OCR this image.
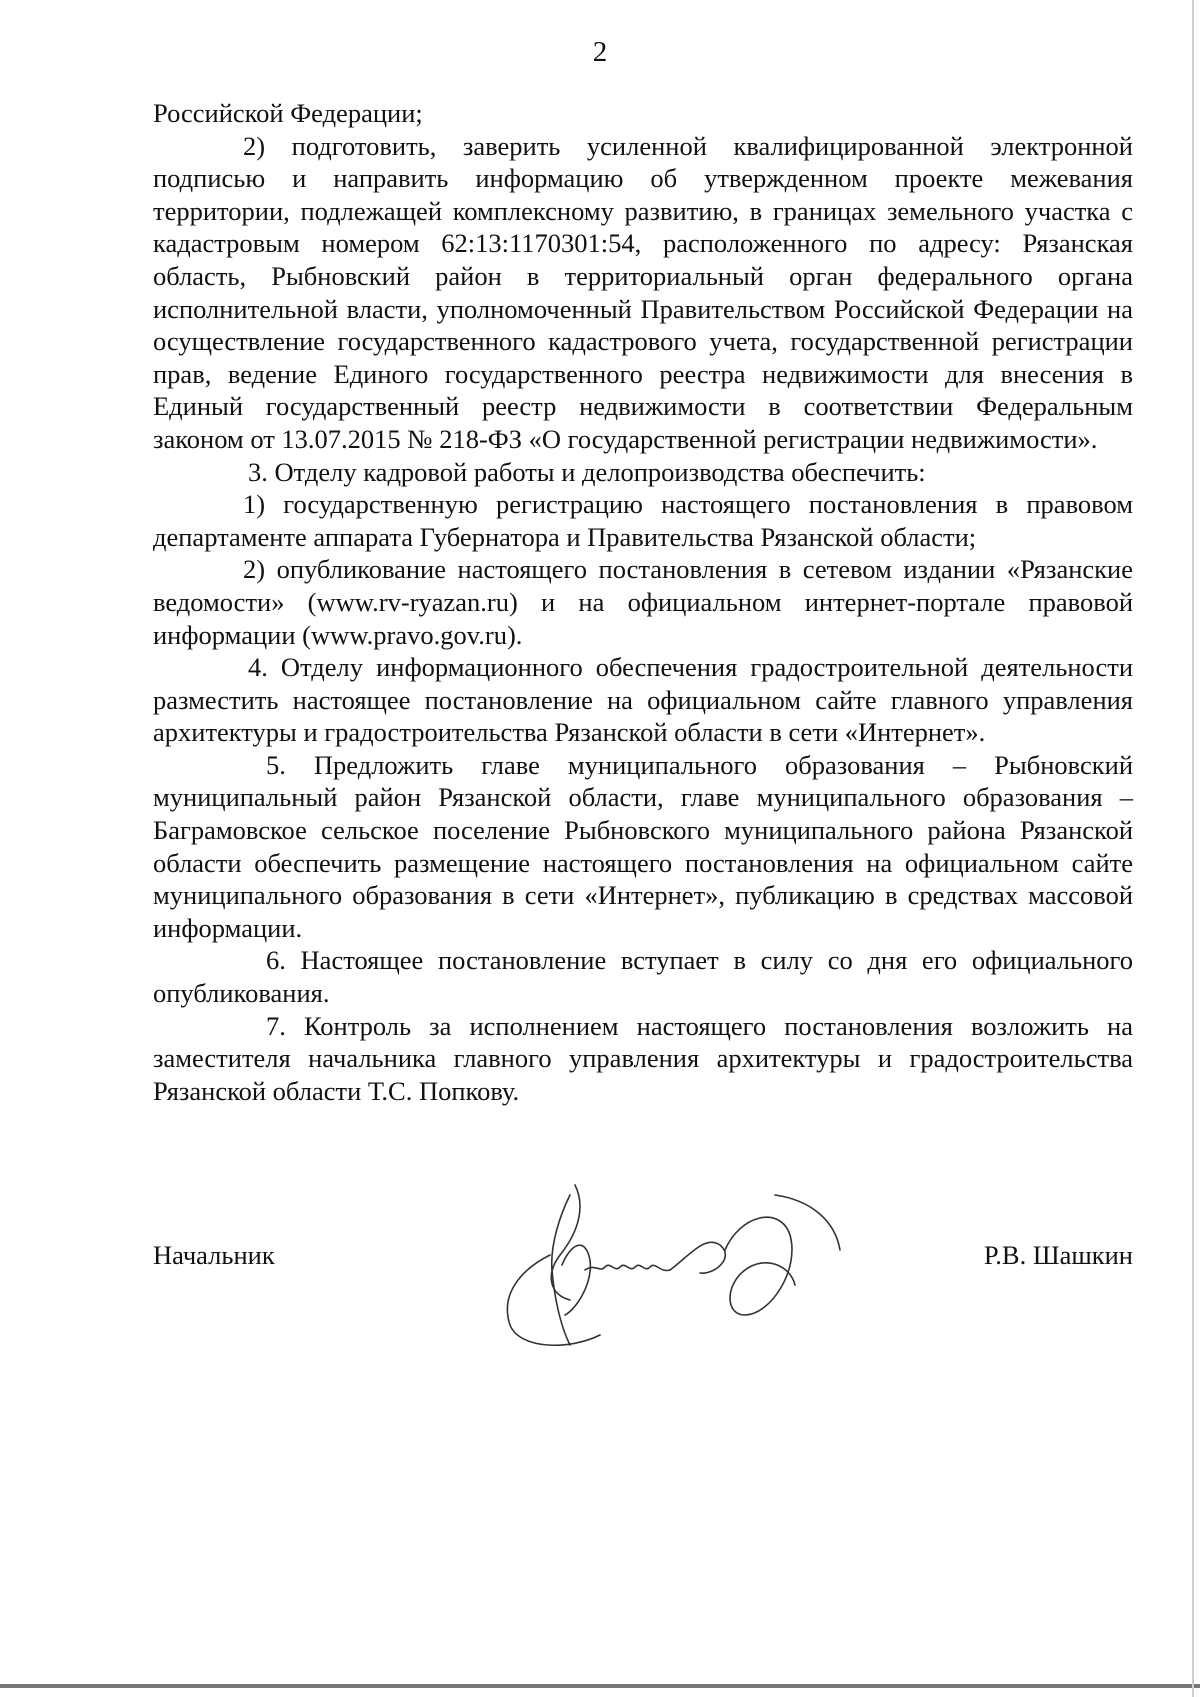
2

Российской Федерации;

2) подготовить, заверить усиленной квалифицированной электронной подписью и направить информацию об утвержденном проекте межевания территории, подлежащей комплексному развитию, в границах земельного участка с кадастровым номером 62:13:1170301:54, расположенного по адресу: Рязанская область, Рыбновский район в территориальный орган федерального органа исполнительной власти, уполномоченный Правительством Российской Федерации на осуществление государственного кадастрового учета, государственной регистрации прав, ведение Единого государственного реестра недвижимости для внесения в Единый государственный реестр недвижимости в соответствии Федеральным законом от 13.07.2015 № 218-ФЗ «О государственной регистрации недвижимости».

3. Отделу кадровой работы и делопроизводства обеспечить:

1) государственную регистрацию настоящего постановления в правовом департаменте аппарата Губернатора и Правительства Рязанской области;

2) опубликование настоящего постановления в сетевом издании «Рязанские ведомости» (www.rv-ryazan.ru) и на официальном интернет-портале правовой информации (www.pravo.gov.ru).

4. Отделу информационного обеспечения градостроительной деятельности разместить настоящее постановление на официальном сайте главного управления архитектуры и градостроительства Рязанской области в сети «Интернет».

5. Предложить главе муниципального образования – Рыбновский муниципальный район Рязанской области, главе муниципального образования – Баграмовское сельское поселение Рыбновского муниципального района Рязанской области обеспечить размещение настоящего постановления на официальном сайте муниципального образования в сети «Интернет», публикацию в средствах массовой информации.

6. Настоящее постановление вступает в силу со дня его официального опубликования.

7. Контроль за исполнением настоящего постановления возложить на заместителя начальника главного управления архитектуры и градостроительства Рязанской области Т.С. Попкову.

Начальник	Р.В. Шашкин
